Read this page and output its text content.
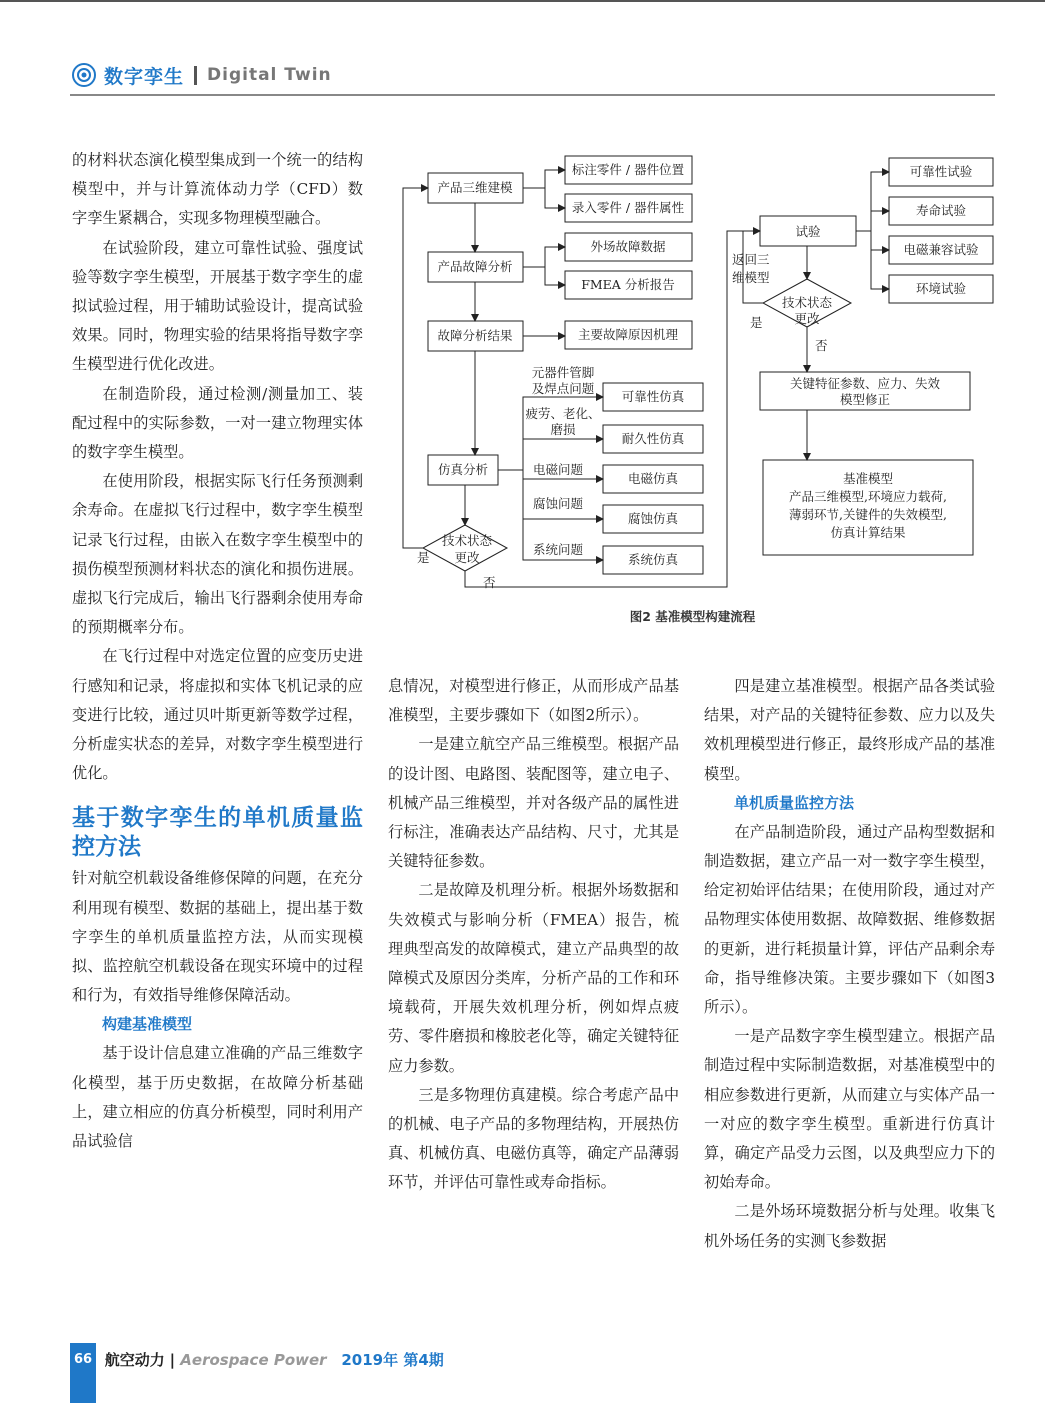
数字孪生 Digital Twin

的材料状态演化模型集成到一个统一的结构模型中，并与计算流体动力学（CFD）数字孪生紧耦合，实现多物理模型融合。

在试验阶段，建立可靠性试验、强度试验等数字孪生模型，开展基于数字孪生的虚拟试验过程，用于辅助试验设计，提高试验效果。同时，物理实验的结果将指导数字孪生模型进行优化改进。

在制造阶段，通过检测/测量加工、装配过程中的实际参数，一对一建立物理实体的数字孪生模型。

在使用阶段，根据实际飞行任务预测剩余寿命。在虚拟飞行过程中，数字孪生模型记录飞行过程，由嵌入在数字孪生模型中的损伤模型预测材料状态的演化和损伤进展。虚拟飞行完成后，输出飞行器剩余使用寿命的预期概率分布。

在飞行过程中对选定位置的应变历史进行感知和记录，将虚拟和实体飞机记录的应变进行比较，通过贝叶斯更新等数学过程，分析虚实状态的差异，对数字孪生模型进行优化。

基于数字孪生的单机质量监控方法

针对航空机载设备维修保障的问题，在充分利用现有模型、数据的基础上，提出基于数字孪生的单机质量监控方法，从而实现模拟、监控航空机载设备在现实环境中的过程和行为，有效指导维修保障活动。

构建基准模型

基于设计信息建立准确的产品三维数字化模型，基于历史数据，在故障分析基础上，建立相应的仿真分析模型，同时利用产品试验信

产品三维建模
标注零件 / 器件位置
录入零件 / 器件属性
产品故障分析
外场故障数据
FMEA 分析报告
故障分析结果	主要故障原因机理
仿真分析
可靠性仿真
耐久性仿真
电磁仿真
腐蚀仿真
系统仿真
试验
可靠性试验
寿命试验
电磁兼容试验
环境试验
关键特征参数、应力、失效
模型修正
基准模型
产品三维模型,环境应力载荷,
薄弱环节,关键件的失效模型,
仿真计算结果
元器件管脚
及焊点问题
疲劳、老化、
磨损
电磁问题
腐蚀问题
系统问题
技术状态
更改
技术状态
更改
是
否
是
否
返回三
维模型
图2 基准模型构建流程

息情况，对模型进行修正，从而形成产品基准模型，主要步骤如下（如图2所示）。

一是建立航空产品三维模型。根据产品的设计图、电路图、装配图等，建立电子、机械产品三维模型，并对各级产品的属性进行标注，准确表达产品结构、尺寸，尤其是关键特征参数。

二是故障及机理分析。根据外场数据和失效模式与影响分析（FMEA）报告，梳理典型高发的故障模式，建立产品典型的故障模式及原因分类库，分析产品的工作和环境载荷，开展失效机理分析，例如焊点疲劳、零件磨损和橡胶老化等，确定关键特征应力参数。

三是多物理仿真建模。综合考虑产品中的机械、电子产品的多物理结构，开展热仿真、机械仿真、电磁仿真等，确定产品薄弱环节，并评估可靠性或寿命指标。

四是建立基准模型。根据产品各类试验结果，对产品的关键特征参数、应力以及失效机理模型进行修正，最终形成产品的基准模型。

单机质量监控方法

在产品制造阶段，通过产品构型数据和制造数据，建立产品一对一数字孪生模型，给定初始评估结果；在使用阶段，通过对产品物理实体使用数据、故障数据、维修数据的更新，进行耗损量计算，评估产品剩余寿命，指导维修决策。主要步骤如下（如图3所示）。

一是产品数字孪生模型建立。根据产品制造过程中实际制造数据，对基准模型中的相应参数进行更新，从而建立与实体产品一一对应的数字孪生模型。重新进行仿真计算，确定产品受力云图，以及典型应力下的初始寿命。

二是外场环境数据分析与处理。收集飞机外场任务的实测飞参数据

66 航空动力 | Aerospace Power 2019年 第4期
